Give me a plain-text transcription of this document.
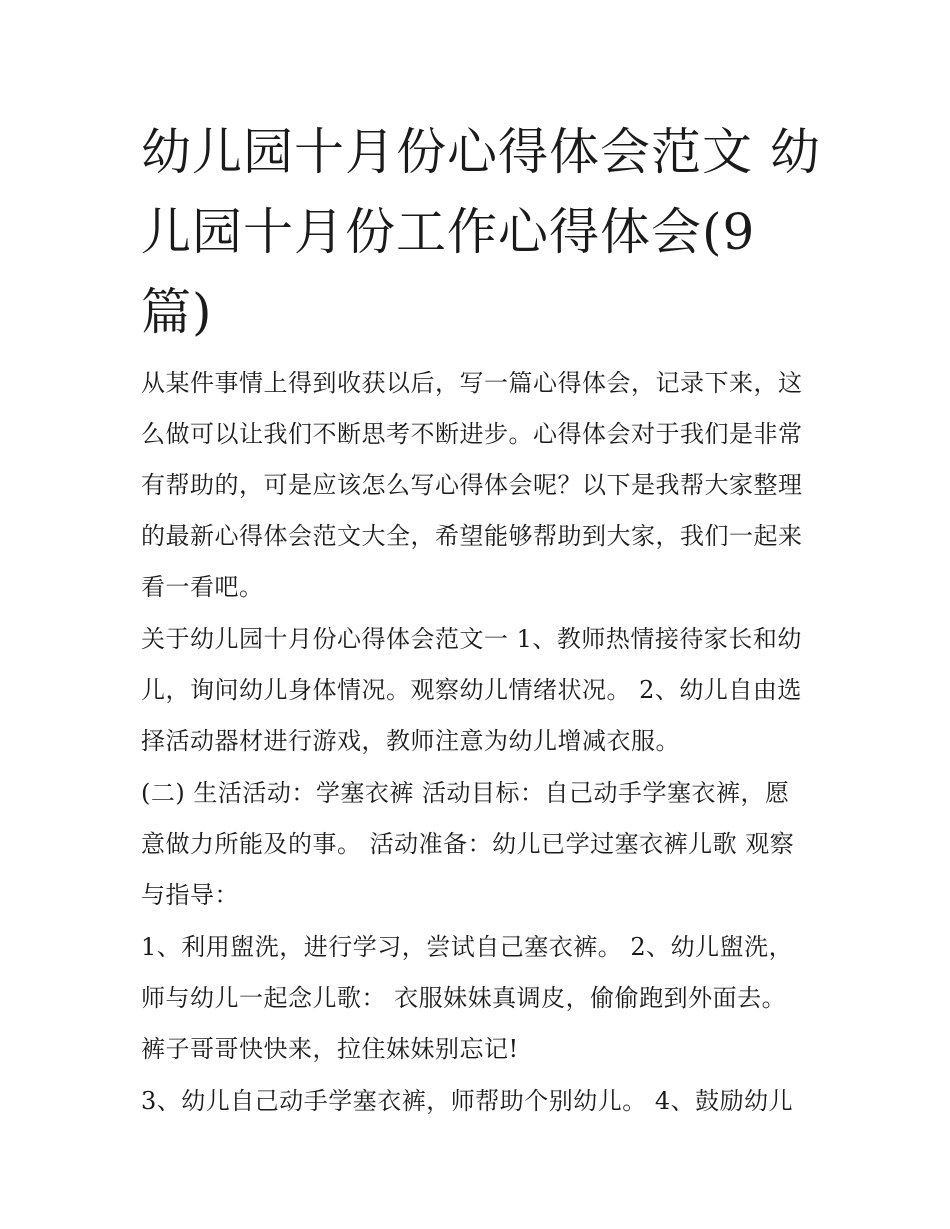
幼儿园十月份心得体会范文 幼
儿园十月份工作心得体会(9
篇)

从某件事情上得到收获以后，写一篇心得体会，记录下来，这
么做可以让我们不断思考不断进步。心得体会对于我们是非常
有帮助的，可是应该怎么写心得体会呢？以下是我帮大家整理
的最新心得体会范文大全，希望能够帮助到大家，我们一起来
看一看吧。

关于幼儿园十月份心得体会范文一 1、教师热情接待家长和幼
儿，询问幼儿身体情况。观察幼儿情绪状况。 2、幼儿自由选
择活动器材进行游戏，教师注意为幼儿增减衣服。

(二) 生活活动：学塞衣裤 活动目标：自己动手学塞衣裤，愿
意做力所能及的事。 活动准备：幼儿已学过塞衣裤儿歌 观察
与指导：

1、利用盥洗，进行学习，尝试自己塞衣裤。 2、幼儿盥洗，
师与幼儿一起念儿歌： 衣服妹妹真调皮，偷偷跑到外面去。
裤子哥哥快快来，拉住妹妹别忘记!

3、幼儿自己动手学塞衣裤，师帮助个别幼儿。 4、鼓励幼儿
